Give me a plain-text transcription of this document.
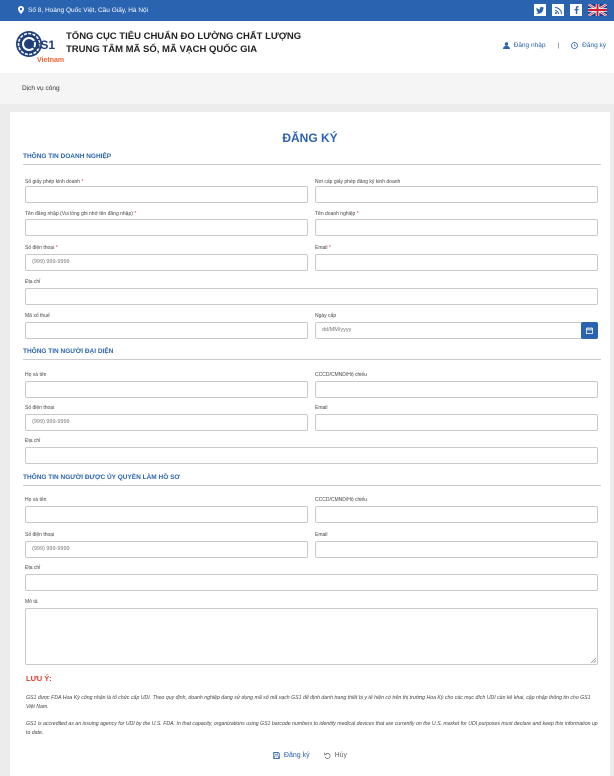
Số 8, Hoàng Quốc Việt, Cầu Giấy, Hà Nội
GS1
Vietnam
TỔNG CỤC TIÊU CHUẨN ĐO LƯỜNG CHẤT LƯỢNG
TRUNG TÂM MÃ SỐ, MÃ VẠCH QUỐC GIA	Đăng nhập |	Đăng ký
Dịch vụ công
ĐĂNG KÝ
THÔNG TIN DOANH NGHIỆP
Số giấy phép kinh doanh *	Nơi cấp giấy phép đăng ký kinh doanh
Tên đăng nhập (Vui lòng ghi nhớ tên đăng nhập) *	Tên doanh nghiệp *
Số điện thoại *
(999) 999-9999
Email *
Địa chỉ
Mã số thuế	Ngày cấp
dd/MM/yyyy
THÔNG TIN NGƯỜI ĐẠI DIỆN
Họ và tên	CCCD/CMND/Hộ chiếu
Số điện thoại
(999) 999-9999
Email
Địa chỉ
THÔNG TIN NGƯỜI ĐƯỢC ỦY QUYỀN LÀM HỒ SƠ
Họ và tên	CCCD/CMND/Hộ chiếu
Số điện thoại
(999) 999-9999
Email
Địa chỉ
Mô tả
LƯU Ý:
GS1 được FDA Hoa Kỳ công nhận là tổ chức cấp UDI. Theo quy định, doanh nghiệp đang sử dụng mã số mã vạch GS1 để định danh trang thiết bị y tế hiện có trên thị trường Hoa Kỳ cho các mục đích UDI cần kê khai, cập nhập thông tin cho GS1 Việt Nam.
GS1 is accredited as an issuing agency for UDI by the U.S. FDA. In that capacity, organizations using GS1 barcode numbers to identify medical devices that are currently on the U.S. market for UDI purposes must declare and keep this information up to date.
Đăng ký	Hủy
